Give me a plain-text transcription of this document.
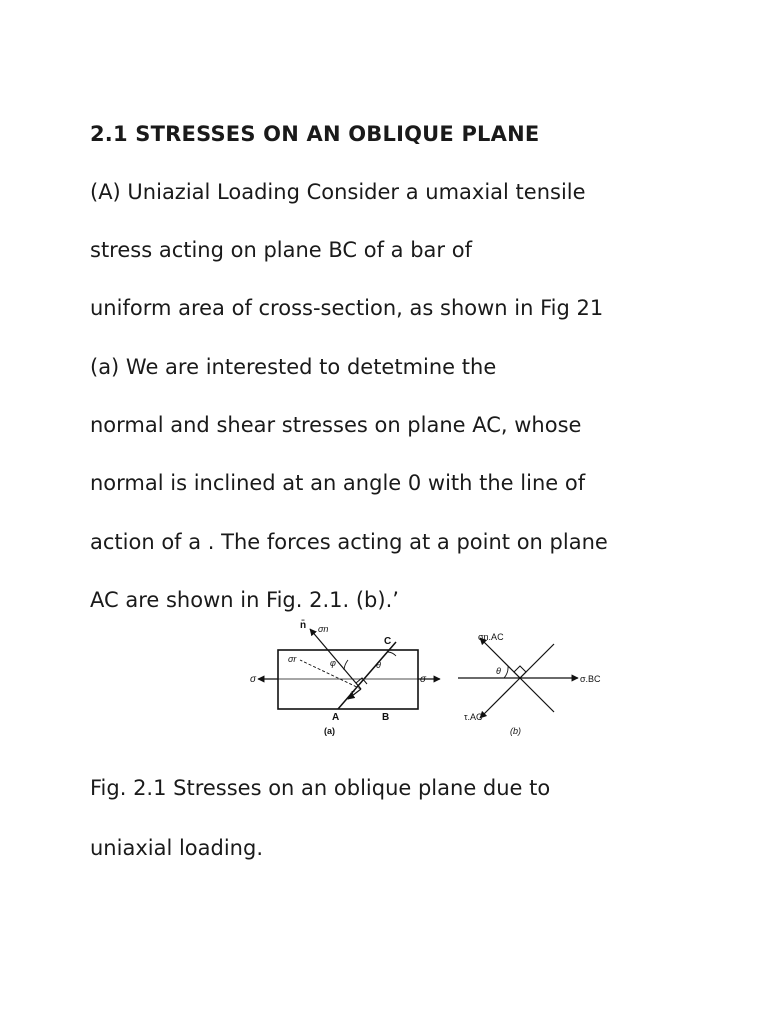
2.1 STRESSES ON AN OBLIQUE PLANE

(A) Uniazial Loading Consider a umaxial tensile

stress acting on plane BC of a bar of

uniform area of cross-section, as shown in Fig 21

(a) We are interested to detetmine the

normal and shear stresses on plane AC, whose

normal is inclined at an angle 0 with the line of

action of a . The forces acting at a point on plane

AC are shown in Fig. 2.1. (b).’

n̄ σn
σr	φ	θ
τ
σ	σ
A	B
C
(a)
σn.AC
θ
σ.BC
τ.AC
(b)

Fig. 2.1 Stresses on an oblique plane due to

uniaxial loading.
